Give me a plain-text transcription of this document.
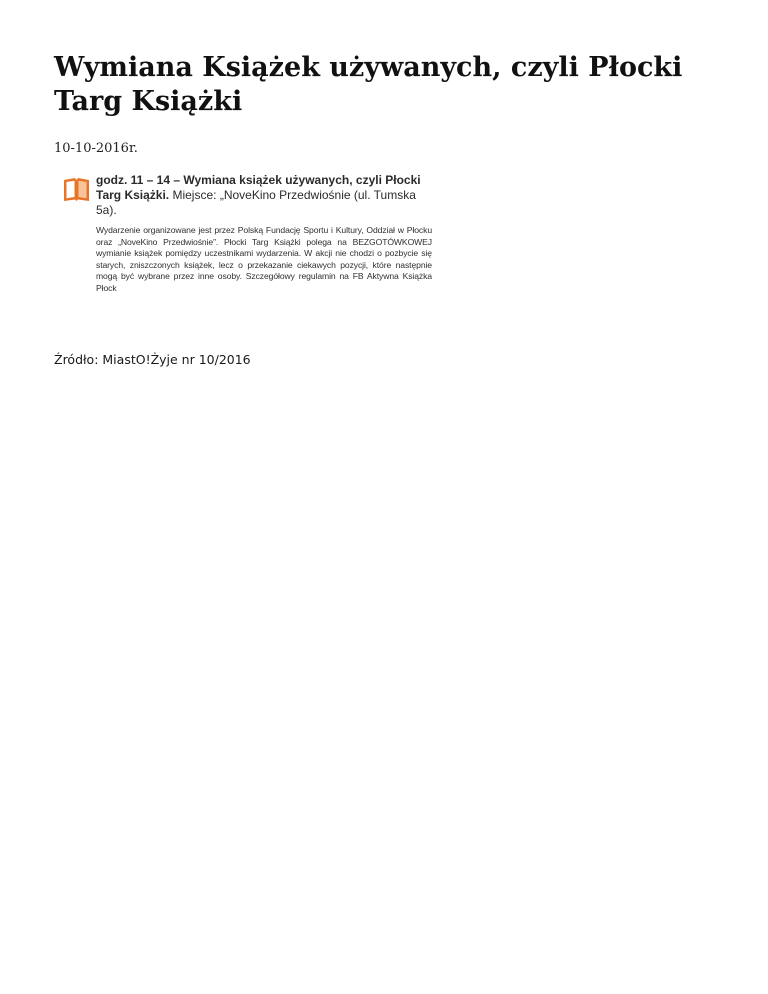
Wymiana Książek używanych, czyli Płocki Targ Książki
10-10-2016r.
godz. 11 – 14 – Wymiana książek używanych, czyli Płocki Targ Książki. Miejsce: „NoveKino Przedwiośnie (ul. Tumska 5a).
Wydarzenie organizowane jest przez Polską Fundację Sportu i Kultury, Oddział w Płocku oraz „NoveKino Przedwiośnie”. Płocki Targ Książki polega na BEZGOTÓWKOWEJ wymianie książek pomiędzy uczestnikami wydarzenia. W akcji nie chodzi o pozbycie się starych, zniszczonych książek, lecz o przekazanie ciekawych pozycji, które następnie mogą być wybrane przez inne osoby. Szczegółowy regulamin na FB Aktywna Książka Płock
Źródło: MiastO!Żyje nr 10/2016
